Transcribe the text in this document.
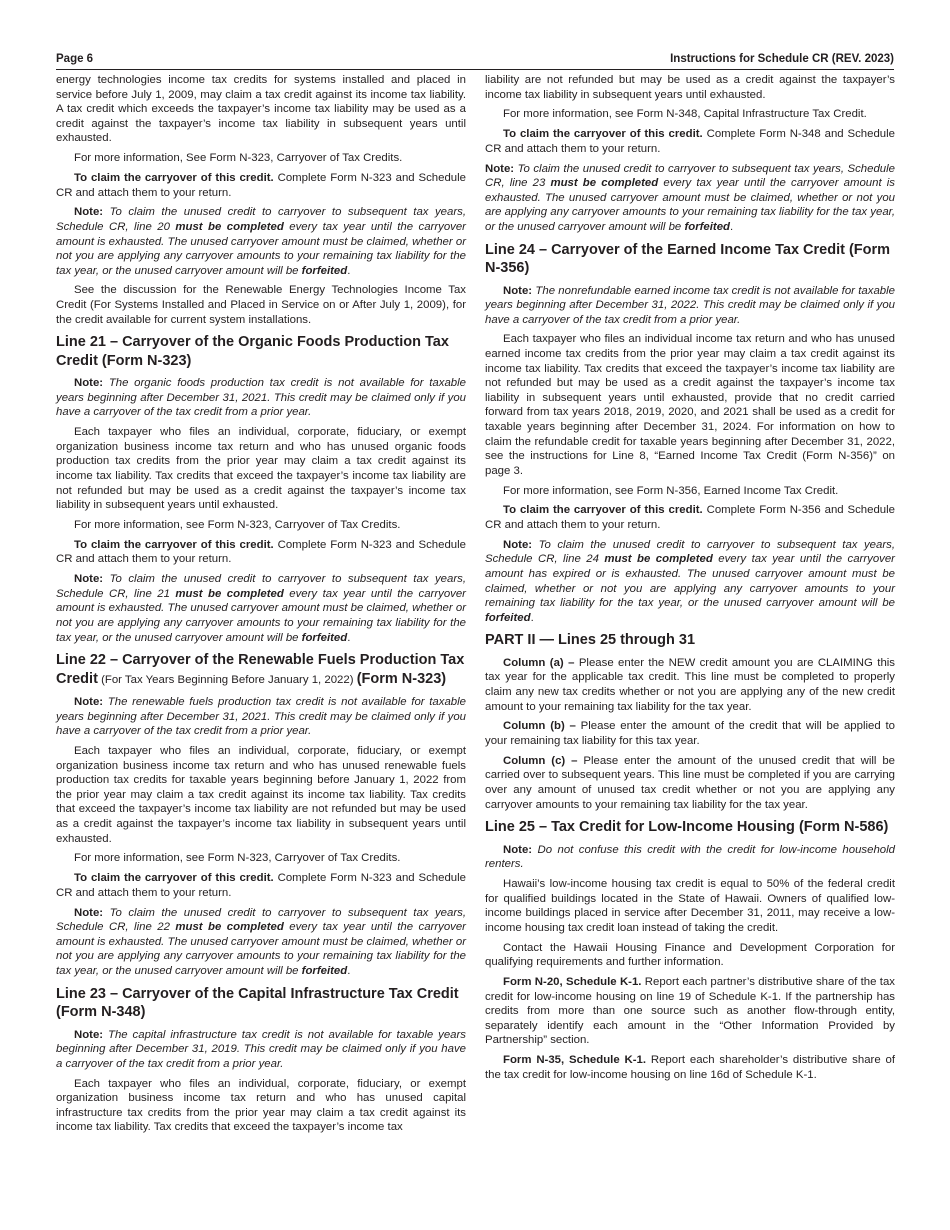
Page 6	Instructions for Schedule CR (REV. 2023)

energy technologies income tax credits for systems installed and placed in service before July 1, 2009, may claim a tax credit against its income tax liability. A tax credit which exceeds the taxpayer’s income tax liability may be used as a credit against the taxpayer’s income tax liability in subsequent years until exhausted.

For more information, See Form N-323, Carryover of Tax Credits.

To claim the carryover of this credit. Complete Form N-323 and Schedule CR and attach them to your return.

Note: To claim the unused credit to carryover to subsequent tax years, Schedule CR, line 20 must be completed every tax year until the carryover amount is exhausted. The unused carryover amount must be claimed, whether or not you are applying any carryover amounts to your remaining tax liability for the tax year, or the unused carryover amount will be forfeited.

See the discussion for the Renewable Energy Technologies Income Tax Credit (For Systems Installed and Placed in Service on or After July 1, 2009), for the credit available for current system installations.

Line 21 – Carryover of the Organic Foods Production Tax Credit (Form N-323)

Note: The organic foods production tax credit is not available for taxable years beginning after December 31, 2021. This credit may be claimed only if you have a carryover of the tax credit from a prior year.

Each taxpayer who files an individual, corporate, fiduciary, or exempt organization business income tax return and who has unused organic foods production tax credits from the prior year may claim a tax credit against its income tax liability. Tax credits that exceed the taxpayer’s income tax liability are not refunded but may be used as a credit against the taxpayer’s income tax liability in subsequent years until exhausted.

For more information, see Form N-323, Carryover of Tax Credits.

To claim the carryover of this credit. Complete Form N-323 and Schedule CR and attach them to your return.

Note: To claim the unused credit to carryover to subsequent tax years, Schedule CR, line 21 must be completed every tax year until the carryover amount is exhausted. The unused carryover amount must be claimed, whether or not you are applying any carryover amounts to your remaining tax liability for the tax year, or the unused carryover amount will be forfeited.

Line 22 – Carryover of the Renewable Fuels Production Tax Credit (For Tax Years Beginning Before January 1, 2022) (Form N-323)

Note: The renewable fuels production tax credit is not available for taxable years beginning after December 31, 2021. This credit may be claimed only if you have a carryover of the tax credit from a prior year.

Each taxpayer who files an individual, corporate, fiduciary, or exempt organization business income tax return and who has unused renewable fuels production tax credits for taxable years beginning before January 1, 2022 from the prior year may claim a tax credit against its income tax liability. Tax credits that exceed the taxpayer’s income tax liability are not refunded but may be used as a credit against the taxpayer’s income tax liability in subsequent years until exhausted.

For more information, see Form N-323, Carryover of Tax Credits.

To claim the carryover of this credit. Complete Form N-323 and Schedule CR and attach them to your return.

Note: To claim the unused credit to carryover to subsequent tax years, Schedule CR, line 22 must be completed every tax year until the carryover amount is exhausted. The unused carryover amount must be claimed, whether or not you are applying any carryover amounts to your remaining tax liability for the tax year, or the unused carryover amount will be forfeited.

Line 23 – Carryover of the Capital Infrastructure Tax Credit (Form N-348)

Note: The capital infrastructure tax credit is not available for taxable years beginning after December 31, 2019. This credit may be claimed only if you have a carryover of the tax credit from a prior year.

Each taxpayer who files an individual, corporate, fiduciary, or exempt organization business income tax return and who has unused capital infrastructure tax credits from the prior year may claim a tax credit against its income tax liability. Tax credits that exceed the taxpayer’s income tax

liability are not refunded but may be used as a credit against the taxpayer’s income tax liability in subsequent years until exhausted.

For more information, see Form N-348, Capital Infrastructure Tax Credit.

To claim the carryover of this credit. Complete Form N-348 and Schedule CR and attach them to your return.

Note: To claim the unused credit to carryover to subsequent tax years, Schedule CR, line 23 must be completed every tax year until the carryover amount is exhausted. The unused carryover amount must be claimed, whether or not you are applying any carryover amounts to your remaining tax liability for the tax year, or the unused carryover amount will be forfeited.

Line 24 – Carryover of the Earned Income Tax Credit (Form N-356)

Note: The nonrefundable earned income tax credit is not available for taxable years beginning after December 31, 2022. This credit may be claimed only if you have a carryover of the tax credit from a prior year.

Each taxpayer who files an individual income tax return and who has unused earned income tax credits from the prior year may claim a tax credit against its income tax liability. Tax credits that exceed the taxpayer’s income tax liability are not refunded but may be used as a credit against the taxpayer’s income tax liability in subsequent years until exhausted, provide that no credit carried forward from tax years 2018, 2019, 2020, and 2021 shall be used as a credit for taxable years beginning after December 31, 2024. For information on how to claim the refundable credit for taxable years beginning after December 31, 2022, see the instructions for Line 8, “Earned Income Tax Credit (Form N-356)” on page 3.

For more information, see Form N-356, Earned Income Tax Credit.

To claim the carryover of this credit. Complete Form N-356 and Schedule CR and attach them to your return.

Note: To claim the unused credit to carryover to subsequent tax years, Schedule CR, line 24 must be completed every tax year until the carryover amount has expired or is exhausted. The unused carryover amount must be claimed, whether or not you are applying any carryover amounts to your remaining tax liability for the tax year, or the unused carryover amount will be forfeited.

PART II — Lines 25 through 31

Column (a) – Please enter the NEW credit amount you are CLAIMING this tax year for the applicable tax credit. This line must be completed to properly claim any new tax credits whether or not you are applying any of the new credit amount to your remaining tax liability for the tax year.

Column (b) – Please enter the amount of the credit that will be applied to your remaining tax liability for this tax year.

Column (c) – Please enter the amount of the unused credit that will be carried over to subsequent years. This line must be completed if you are carrying over any amount of unused tax credit whether or not you are applying any carryover amounts to your remaining tax liability for the tax year.

Line 25 – Tax Credit for Low-Income Housing (Form N-586)

Note: Do not confuse this credit with the credit for low-income household renters.

Hawaii’s low-income housing tax credit is equal to 50% of the federal credit for qualified buildings located in the State of Hawaii. Owners of qualified low-income buildings placed in service after December 31, 2011, may receive a low-income housing tax credit loan instead of taking the credit.

Contact the Hawaii Housing Finance and Development Corporation for qualifying requirements and further information.

Form N-20, Schedule K-1. Report each partner’s distributive share of the tax credit for low-income housing on line 19 of Schedule K-1. If the partnership has credits from more than one source such as another flow-through entity, separately identify each amount in the “Other Information Provided by Partnership” section.

Form N-35, Schedule K-1. Report each shareholder’s distributive share of the tax credit for low-income housing on line 16d of Schedule K-1.
